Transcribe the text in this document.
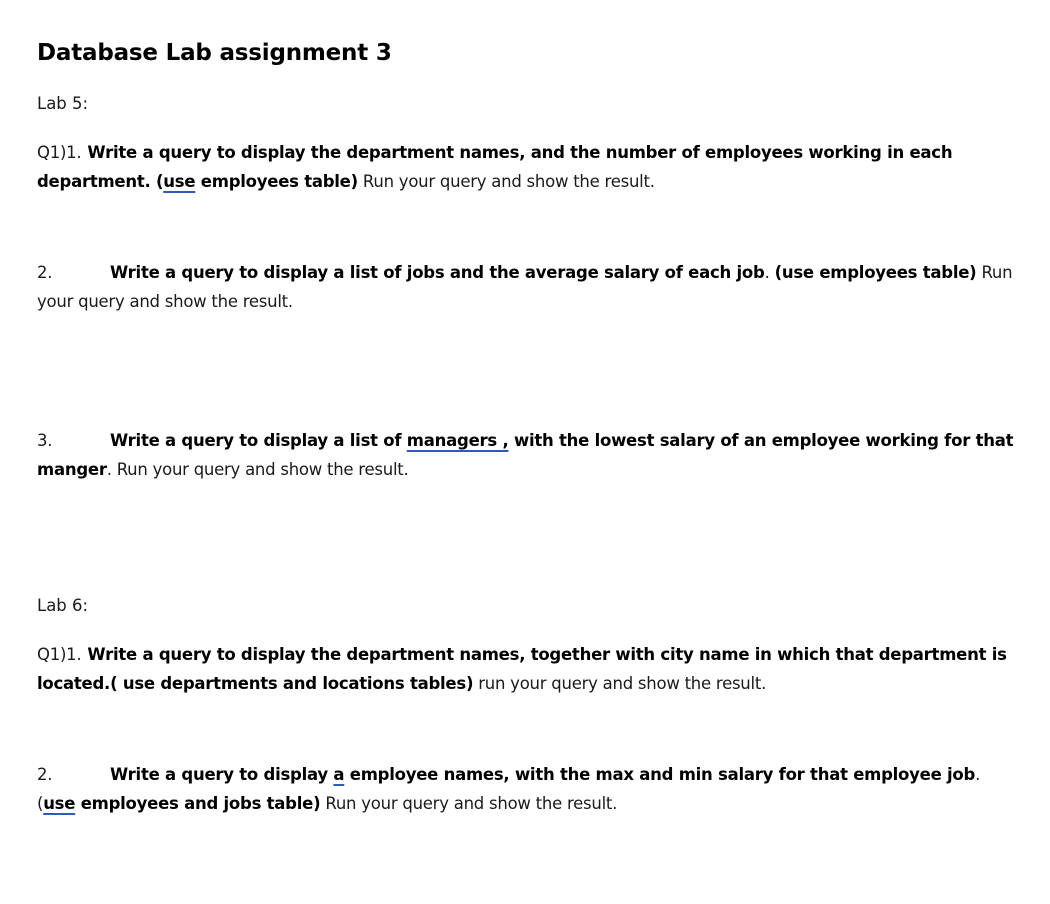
Database Lab assignment 3

Lab 5:

Q1)1. Write a query to display the department names, and the number of employees working in each department. (use employees table) Run your query and show the result.

2.	Write a query to display a list of jobs and the average salary of each job. (use employees table) Run your query and show the result.

3.	Write a query to display a list of managers , with the lowest salary of an employee working for that manger. Run your query and show the result.

Lab 6:

Q1)1. Write a query to display the department names, together with city name in which that department is located.( use departments and locations tables) run your query and show the result.

2.	Write a query to display a employee names, with the max and min salary for that employee job. (use employees and jobs table) Run your query and show the result.
